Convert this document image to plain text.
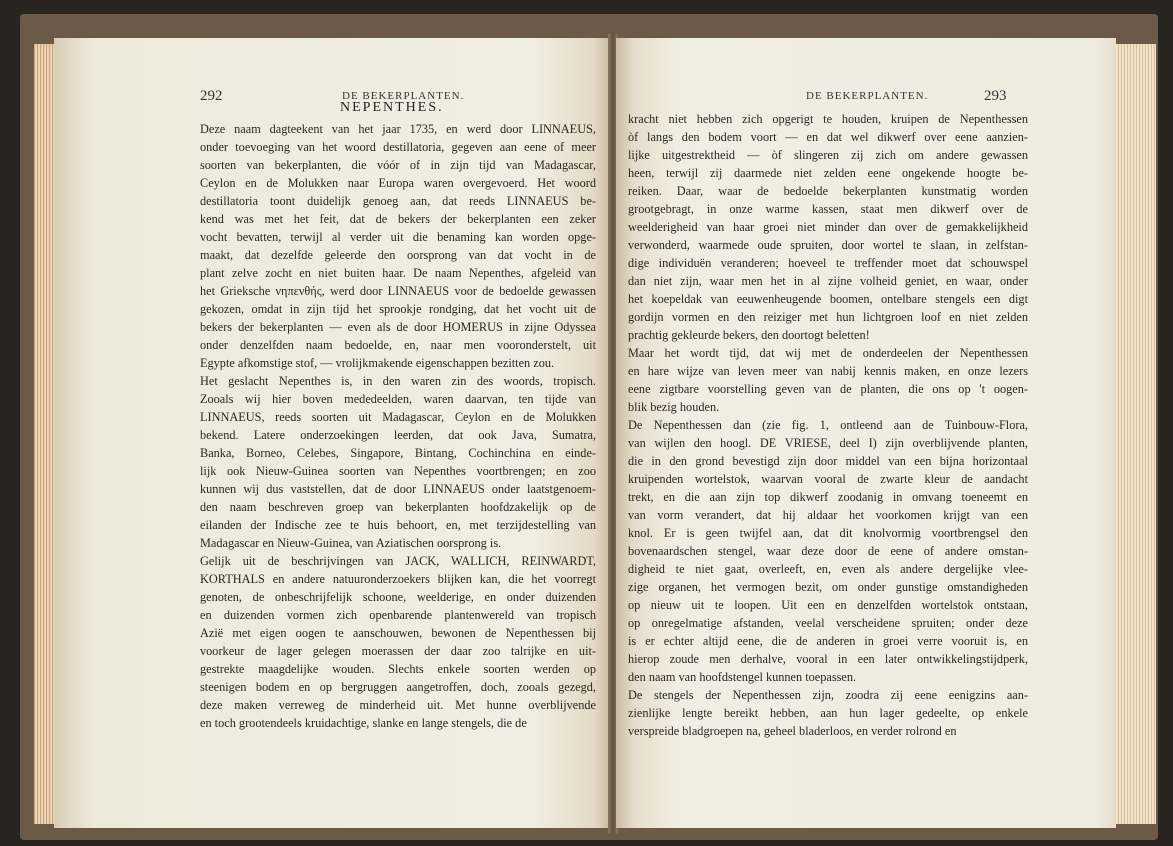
292	DE BEKERPLANTEN.
NEPENTHES.

Deze naam dagteekent van het jaar 1735, en werd door LINNAEUS,

onder toevoeging van het woord destillatoria, gegeven aan eene of meer

soorten van bekerplanten, die vóór of in zijn tijd van Madagascar,

Ceylon en de Molukken naar Europa waren overgevoerd. Het woord

destillatoria toont duidelijk genoeg aan, dat reeds LINNAEUS be-

kend was met het feit, dat de bekers der bekerplanten een zeker

vocht bevatten, terwijl al verder uit die benaming kan worden opge-

maakt, dat dezelfde geleerde den oorsprong van dat vocht in de

plant zelve zocht en niet buiten haar. De naam Nepenthes, afgeleid van

het Grieksche νηπενθής, werd door LINNAEUS voor de bedoelde gewassen

gekozen, omdat in zijn tijd het sprookje rondging, dat het vocht uit de

bekers der bekerplanten — even als de door HOMERUS in zijne Odyssea

onder denzelfden naam bedoelde, en, naar men vooronderstelt, uit

Egypte afkomstige stof, — vrolijkmakende eigenschappen bezitten zou.

Het geslacht Nepenthes is, in den waren zin des woords, tropisch.

Zooals wij hier boven mededeelden, waren daarvan, ten tijde van

LINNAEUS, reeds soorten uit Madagascar, Ceylon en de Molukken

bekend. Latere onderzoekingen leerden, dat ook Java, Sumatra,

Banka, Borneo, Celebes, Singapore, Bintang, Cochinchina en einde-

lijk ook Nieuw-Guinea soorten van Nepenthes voortbrengen; en zoo

kunnen wij dus vaststellen, dat de door LINNAEUS onder laatstgenoem-

den naam beschreven groep van bekerplanten hoofdzakelijk op de

eilanden der Indische zee te huis behoort, en, met terzijdestelling van

Madagascar en Nieuw-Guinea, van Aziatischen oorsprong is.

Gelijk uit de beschrijvingen van JACK, WALLICH, REINWARDT,

KORTHALS en andere natuuronderzoekers blijken kan, die het voorregt

genoten, de onbeschrijfelijk schoone, weelderige, en onder duizenden

en duizenden vormen zich openbarende plantenwereld van tropisch

Azië met eigen oogen te aanschouwen, bewonen de Nepenthessen bij

voorkeur de lager gelegen moerassen der daar zoo talrijke en uit-

gestrekte maagdelijke wouden. Slechts enkele soorten werden op

steenigen bodem en op bergruggen aangetroffen, doch, zooals gezegd,

deze maken verreweg de minderheid uit. Met hunne overblijvende

en toch grootendeels kruidachtige, slanke en lange stengels, die de

DE BEKERPLANTEN.	293

kracht niet hebben zich opgerigt te houden, kruipen de Nepenthessen

òf langs den bodem voort — en dat wel dikwerf over eene aanzien-

lijke uitgestrektheid — òf slingeren zij zich om andere gewassen

heen, terwijl zij daarmede niet zelden eene ongekende hoogte be-

reiken. Daar, waar de bedoelde bekerplanten kunstmatig worden

grootgebragt, in onze warme kassen, staat men dikwerf over de

weelderigheid van haar groei niet minder dan over de gemakkelijkheid

verwonderd, waarmede oude spruiten, door wortel te slaan, in zelfstan-

dige individuën veranderen; hoeveel te treffender moet dat schouwspel

dan niet zijn, waar men het in al zijne volheid geniet, en waar, onder

het koepeldak van eeuwenheugende boomen, ontelbare stengels een digt

gordijn vormen en den reiziger met hun lichtgroen loof en niet zelden

prachtig gekleurde bekers, den doortogt beletten!

Maar het wordt tijd, dat wij met de onderdeelen der Nepenthessen

en hare wijze van leven meer van nabij kennis maken, en onze lezers

eene zigtbare voorstelling geven van de planten, die ons op 't oogen-

blik bezig houden.

De Nepenthessen dan (zie fig. 1, ontleend aan de Tuinbouw-Flora,

van wijlen den hoogl. DE VRIESE, deel I) zijn overblijvende planten,

die in den grond bevestigd zijn door middel van een bijna horizontaal

kruipenden wortelstok, waarvan vooral de zwarte kleur de aandacht

trekt, en die aan zijn top dikwerf zoodanig in omvang toeneemt en

van vorm verandert, dat hij aldaar het voorkomen krijgt van een

knol. Er is geen twijfel aan, dat dit knolvormig voortbrengsel den

bovenaardschen stengel, waar deze door de eene of andere omstan-

digheid te niet gaat, overleeft, en, even als andere dergelijke vlee-

zige organen, het vermogen bezit, om onder gunstige omstandigheden

op nieuw uit te loopen. Uit een en denzelfden wortelstok ontstaan,

op onregelmatige afstanden, veelal verscheidene spruiten; onder deze

is er echter altijd eene, die de anderen in groei verre vooruit is, en

hierop zoude men derhalve, vooral in een later ontwikkelingstijdperk,

den naam van hoofdstengel kunnen toepassen.

De stengels der Nepenthessen zijn, zoodra zij eene eenigzins aan-

zienlijke lengte bereikt hebben, aan hun lager gedeelte, op enkele

verspreide bladgroepen na, geheel bladerloos, en verder rolrond en
